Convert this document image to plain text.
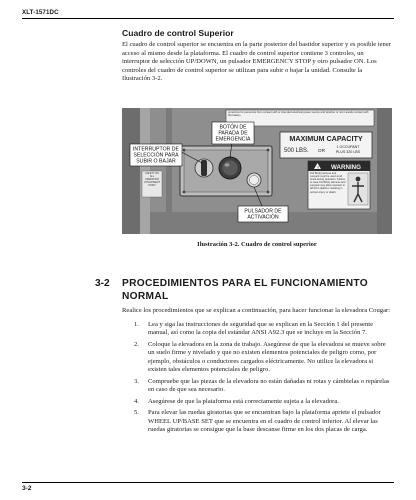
XLT-1571DC
Cuadro de control Superior
El cuadro de control superior se encuentra en la parte posterior del bastidor superior y es posible tener acceso al mismo desde la plataforma. El cuadro de control superior contiene 3 controles, un interruptor de selección UP/DOWN, un pulsador EMERGENCY STOP y otro pulsador ON. Los controles del cuadro de control superior se utilizan para subir o bajar la unidad. Consulte la Ilustración 3-2.
protection for personnel from contact with or intended electrical power source and whether or not it avoids contact with the battery
MAXIMUM CAPACITY
500 LBS. OR
1 OCCUPANT
PLUS 320 LBS
! WARNING
Full Body Harness and Lanyard must be used at all times during operation. Failure to wear Full Body Harness and Lanyard may allow operator to fall from platform resulting in serious injury or death.
SAFETY ON ALL OPERATION ATTACHMENT POINT
INTERRUPTOR DE
SELECCIÓN PARA
SUBIR O BAJAR
BOTÓN DE
PARADA DE
EMERGENCIA
PULSADOR DE
ACTIVACIÓN
Ilustración 3-2. Cuadro de control superior
3-2 PROCEDIMIENTOS PARA EL FUNCIONAMIENTO NORMAL
Realice los procedimientos que se explican a continuación, para hacer funcionar la elevadora Cougar:
1. Lea y siga las instrucciones de seguridad que se explican en la Sección 1 del presente manual, así como la copia del estándar ANSI A92.3 que se incluye en la Sección 7.
2. Coloque la elevadora en la zona de trabajo. Asegúrese de que la elevadora se mueve sobre un suelo firme y nivelado y que no existen elementos potenciales de peligro como, por ejemplo, obstáculos o conductores cargados eléctricamente. No utilice la elevadora si existen tales elementos potenciales de peligro.
3. Compruebe que las piezas de la elevadora no están dañadas ni rotas y cámbielas o repárelas en caso de que sea necesario.
4. Asegúrese de que la plataforma está correctamente sujeta a la elevadora.
5. Para elevar las ruedas giratorias que se encuentran bajo la plataforma apriete el pulsador WHEEL UP/BASE SET que se encuentra en el cuadro de control inferior. Al elevar las ruedas giratorias se consigue que la base descanse firme en los dos placas de carga.
3-2
